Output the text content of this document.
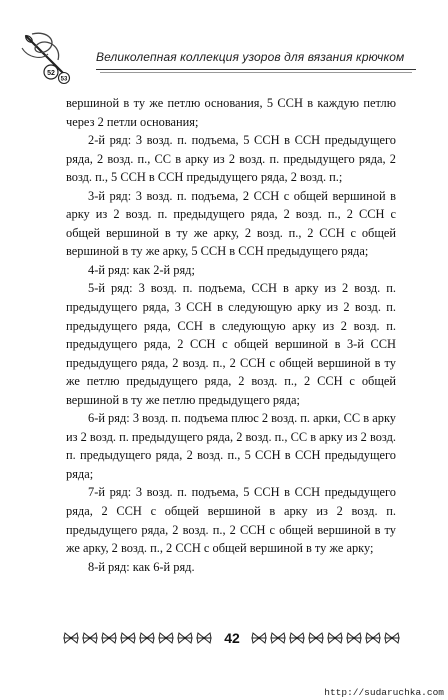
52
53
Великолепная коллекция узоров для вязания крючком

вершиной в ту же петлю основания, 5 ССН в каждую петлю через 2 петли основания;

2-й ряд: 3 возд. п. подъема, 5 ССН в ССН предыдущего ряда, 2 возд. п., СС в арку из 2 возд. п. предыдущего ряда, 2 возд. п., 5 ССН в ССН предыдущего ряда, 2 возд. п.;

3-й ряд: 3 возд. п. подъема, 2 ССН с общей вершиной в арку из 2 возд. п. предыдущего ряда, 2 возд. п., 2 ССН с общей вершиной в ту же арку, 2 возд. п., 2 ССН с общей вершиной в ту же арку, 5 ССН в ССН предыдущего ряда;

4-й ряд: как 2-й ряд;

5-й ряд: 3 возд. п. подъема, ССН в арку из 2 возд. п. предыдущего ряда, 3 ССН в следующую арку из 2 возд. п. предыдущего ряда, ССН в следующую арку из 2 возд. п. предыдущего ряда, 2 ССН с общей вершиной в 3-й ССН предыдущего ряда, 2 возд. п., 2 ССН с общей вершиной в ту же петлю предыдущего ряда, 2 возд. п., 2 ССН с общей вершиной в ту же петлю предыдущего ряда;

6-й ряд: 3 возд. п. подъема плюс 2 возд. п. арки, СС в арку из 2 возд. п. предыдущего ряда, 2 возд. п., СС в арку из 2 возд. п. предыдущего ряда, 2 возд. п., 5 ССН в ССН предыдущего ряда;

7-й ряд: 3 возд. п. подъема, 5 ССН в ССН предыдущего ряда, 2 ССН с общей вершиной в арку из 2 возд. п. предыдущего ряда, 2 возд. п., 2 ССН с общей вершиной в ту же арку, 2 возд. п., 2 ССН с общей вершиной в ту же арку;

8-й ряд: как 6-й ряд.

42
http://sudaruchka.com
